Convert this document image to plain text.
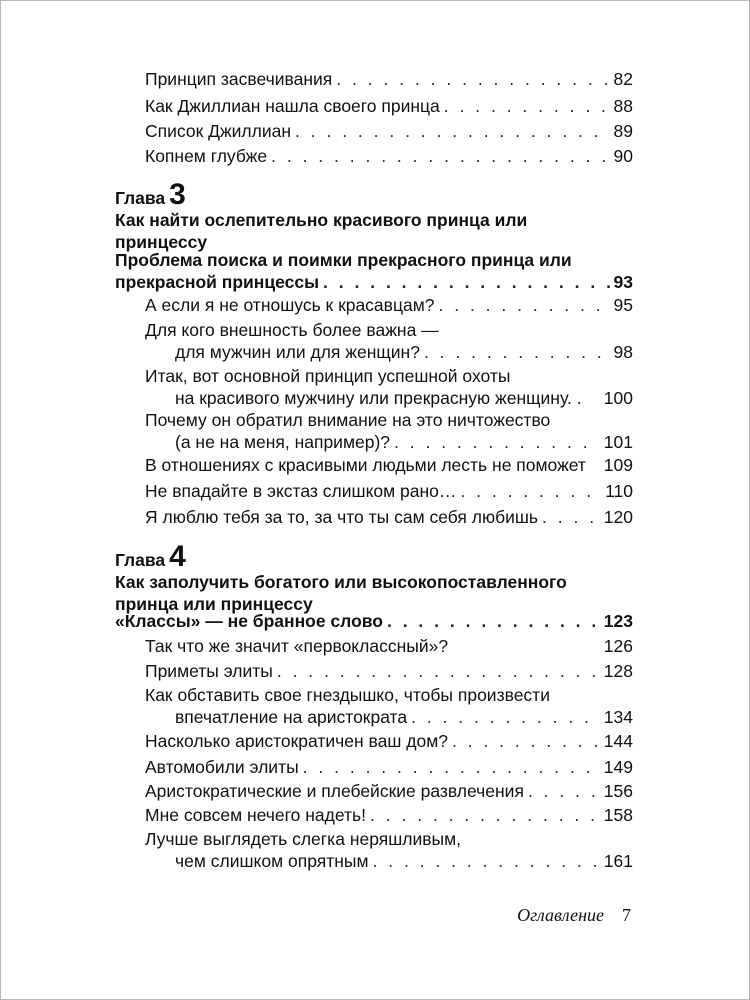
Принцип засвечивания . . .	82
Как Джиллиан нашла своего принца . . .	88
Список Джиллиан . . .	89
Копнем глубже . . .	90
Глава 3
Как найти ослепительно красивого принца или
принцессу
Проблема поиска и поимки прекрасного принца или
прекрасной принцессы . . .	93
А если я не отношусь к красавцам? . . .	95
Для кого внешность более важна —
для мужчин или для женщин? . . .	98
Итак, вот основной принцип успешной охоты
на красивого мужчину или прекрасную женщину. . 100
Почему он обратил внимание на это ничтожество
(а не на меня, например)? . . .	101
В отношениях с красивыми людьми лесть не поможет 109
Не впадайте в экстаз слишком рано… . . .	110
Я люблю тебя за то, за что ты сам себя любишь . . .	120
Глава 4
Как заполучить богатого или высокопоставленного
принца или принцессу
«Классы» — не бранное слово . . .	123
Так что же значит «первоклассный»?	126
Приметы элиты . . .	128
Как обставить свое гнездышко, чтобы произвести
впечатление на аристократа . . .	134
Насколько аристократичен ваш дом? . . .	144
Автомобили элиты . . .	149
Аристократические и плебейские развлечения . . .	156
Мне совсем нечего надеть! . . .	158
Лучше выглядеть слегка неряшливым,
чем слишком опрятным . . .	161
Оглавление 7
